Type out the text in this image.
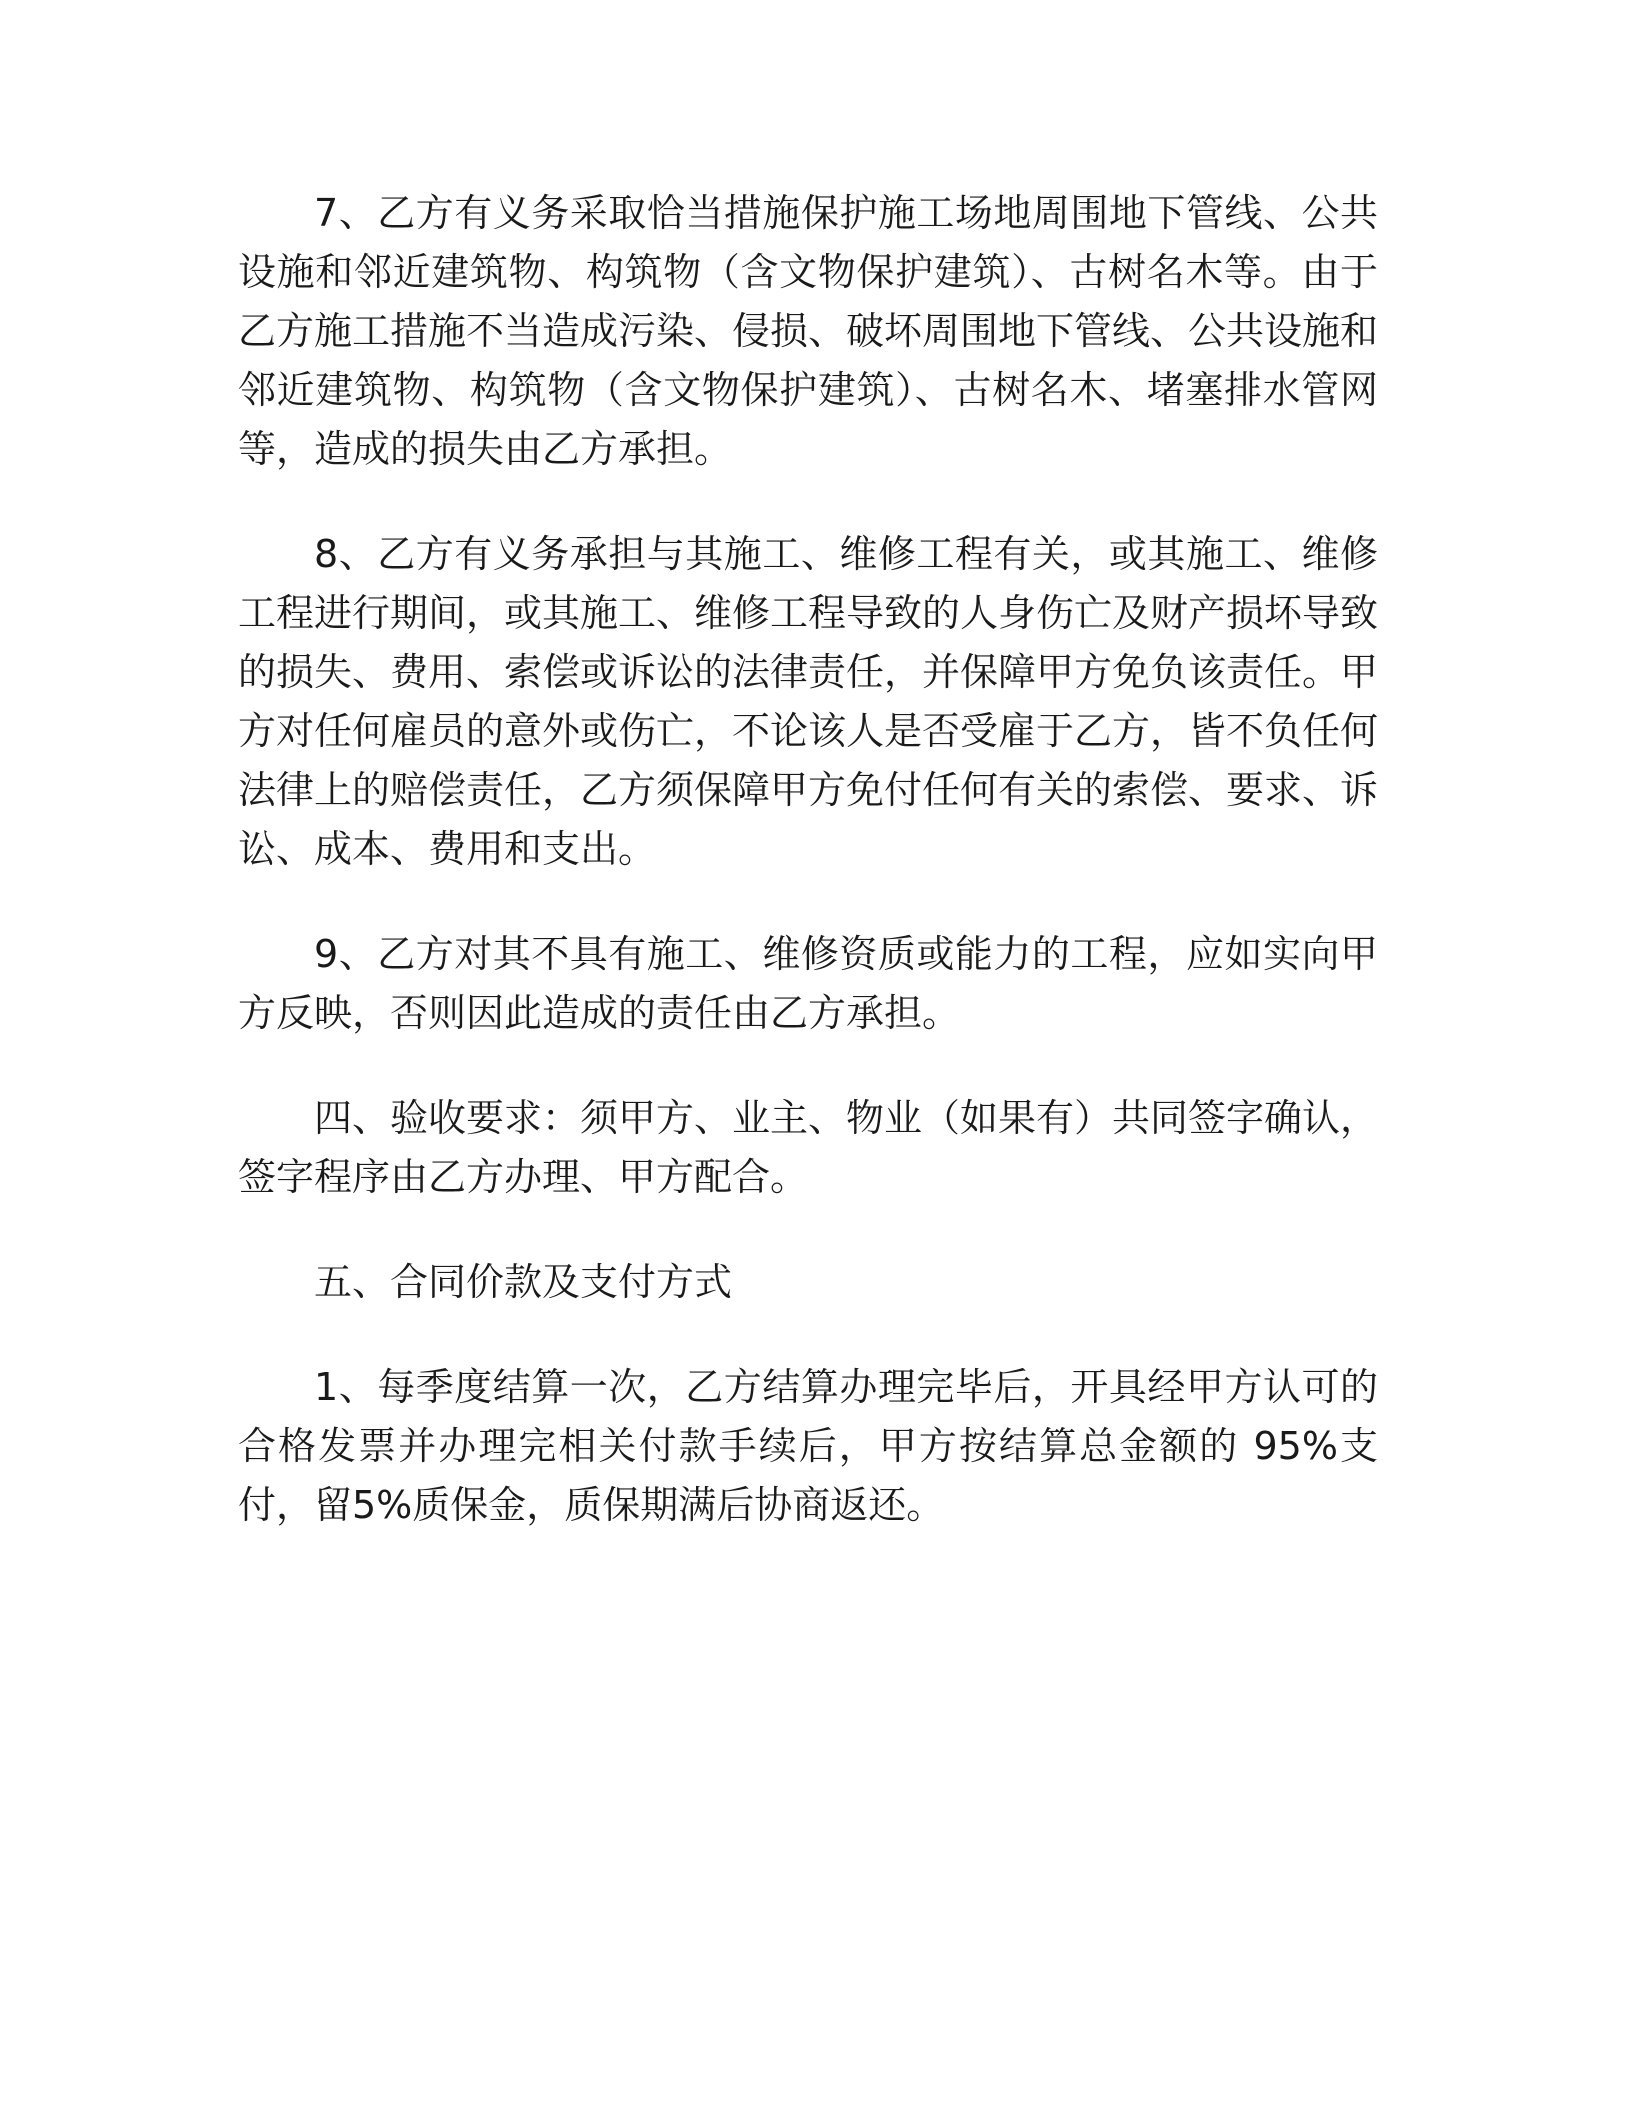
7、乙方有义务采取恰当措施保护施工场地周围地下管线、公共设施和邻近建筑物、构筑物（含文物保护建筑）、古树名木等。由于乙方施工措施不当造成污染、侵损、破坏周围地下管线、公共设施和邻近建筑物、构筑物（含文物保护建筑）、古树名木、堵塞排水管网等，造成的损失由乙方承担。

8、乙方有义务承担与其施工、维修工程有关，或其施工、维修工程进行期间，或其施工、维修工程导致的人身伤亡及财产损坏导致的损失、费用、索偿或诉讼的法律责任，并保障甲方免负该责任。甲方对任何雇员的意外或伤亡，不论该人是否受雇于乙方，皆不负任何法律上的赔偿责任，乙方须保障甲方免付任何有关的索偿、要求、诉讼、成本、费用和支出。

9、乙方对其不具有施工、维修资质或能力的工程，应如实向甲方反映，否则因此造成的责任由乙方承担。

四、验收要求：须甲方、业主、物业（如果有）共同签字确认，签字程序由乙方办理、甲方配合。

五、合同价款及支付方式

1、每季度结算一次，乙方结算办理完毕后，开具经甲方认可的合格发票并办理完相关付款手续后，甲方按结算总金额的 95%支付，留5%质保金，质保期满后协商返还。
